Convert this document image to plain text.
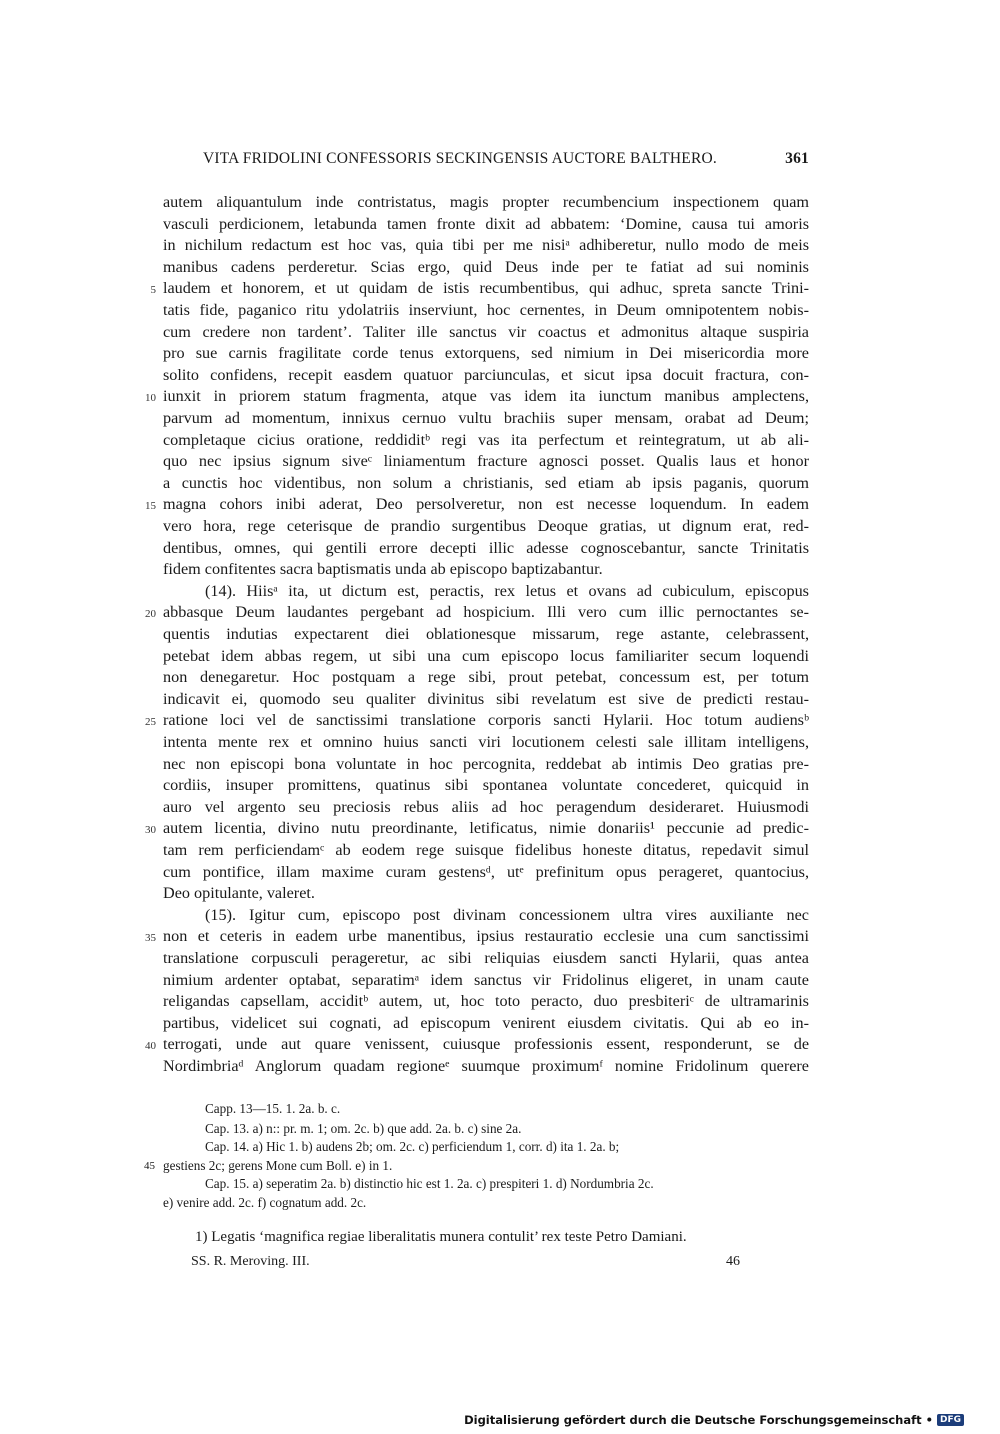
VITA FRIDOLINI CONFESSORIS SECKINGENSIS AUCTORE BALTHERO.	361
autem aliquantulum inde contristatus, magis propter recumbencium inspectionem quam
vasculi perdicionem, letabunda tamen fronte dixit ad abbatem: ‘Domine, causa tui amoris
in nichilum redactum est hoc vas, quia tibi per me nisiᵃ adhiberetur, nullo modo de meis
manibus cadens perderetur. Scias ergo, quid Deus inde per te fatiat ad sui nominis
laudem et honorem, et ut quidam de istis recumbentibus, qui adhuc, spreta sancte Trini-
5
tatis fide, paganico ritu ydolatriis inserviunt, hoc cernentes, in Deum omnipotentem nobis-
cum credere non tardent’. Taliter ille sanctus vir coactus et admonitus altaque suspiria
pro sue carnis fragilitate corde tenus extorquens, sed nimium in Dei misericordia more
solito confidens, recepit easdem quatuor parciunculas, et sicut ipsa docuit fractura, con-
iunxit in priorem statum fragmenta, atque vas idem ita iunctum manibus amplectens,
10
parvum ad momentum, innixus cernuo vultu brachiis super mensam, orabat ad Deum;
completaque cicius oratione, reddiditᵇ regi vas ita perfectum et reintegratum, ut ab ali-
quo nec ipsius signum siveᶜ liniamentum fracture agnosci posset. Qualis laus et honor
a cunctis hoc videntibus, non solum a christianis, sed etiam ab ipsis paganis, quorum
magna cohors inibi aderat, Deo persolveretur, non est necesse loquendum. In eadem
15
vero hora, rege ceterisque de prandio surgentibus Deoque gratias, ut dignum erat, red-
dentibus, omnes, qui gentili errore decepti illic adesse cognoscebantur, sancte Trinitatis
fidem confitentes sacra baptismatis unda ab episcopo baptizabantur.
(14). Hiisᵃ ita, ut dictum est, peractis, rex letus et ovans ad cubiculum, episcopus
abbasque Deum laudantes pergebant ad hospicium. Illi vero cum illic pernoctantes se-
20
quentis indutias expectarent diei oblationesque missarum, rege astante, celebrassent,
petebat idem abbas regem, ut sibi una cum episcopo locus familiariter secum loquendi
non denegaretur. Hoc postquam a rege sibi, prout petebat, concessum est, per totum
indicavit ei, quomodo seu qualiter divinitus sibi revelatum est sive de predicti restau-
ratione loci vel de sanctissimi translatione corporis sancti Hylarii. Hoc totum audiensᵇ
25
intenta mente rex et omnino huius sancti viri locutionem celesti sale illitam intelligens,
nec non episcopi bona voluntate in hoc percognita, reddebat ab intimis Deo gratias pre-
cordiis, insuper promittens, quatinus sibi spontanea voluntate concederet, quicquid in
auro vel argento seu preciosis rebus aliis ad hoc peragendum desideraret. Huiusmodi
autem licentia, divino nutu preordinante, letificatus, nimie donariis¹ peccunie ad predic-
30
tam rem perficiendamᶜ ab eodem rege suisque fidelibus honeste ditatus, repedavit simul
cum pontifice, illam maxime curam gestensᵈ, utᵉ prefinitum opus perageret, quantocius,
Deo opitulante, valeret.
(15). Igitur cum, episcopo post divinam concessionem ultra vires auxiliante nec
non et ceteris in eadem urbe manentibus, ipsius restauratio ecclesie una cum sanctissimi
35
translatione corpusculi perageretur, ac sibi reliquias eiusdem sancti Hylarii, quas antea
nimium ardenter optabat, separatimᵃ idem sanctus vir Fridolinus eligeret, in unam caute
religandas capsellam, acciditᵇ autem, ut, hoc toto peracto, duo presbiteriᶜ de ultramarinis
partibus, videlicet sui cognati, ad episcopum venirent eiusdem civitatis. Qui ab eo in-
terrogati, unde aut quare venissent, cuiusque professionis essent, responderunt, se de
40
Nordimbriaᵈ Anglorum quadam regioneᵉ suumque proximumᶠ nomine Fridolinum querere
Capp. 13—15. 1. 2a. b. c.
Cap. 13. a) n:: pr. m. 1; om. 2c. b) que add. 2a. b. c) sine 2a.
Cap. 14. a) Hic 1. b) audens 2b; om. 2c. c) perficiendum 1, corr. d) ita 1. 2a. b;
45 gestiens 2c; gerens Mone cum Boll. e) in 1.
Cap. 15. a) seperatim 2a. b) distinctio hic est 1. 2a. c) prespiteri 1. d) Nordumbria 2c.
e) venire add. 2c. f) cognatum add. 2c.
1) Legatis ‘magnifica regiae liberalitatis munera contulit’ rex teste Petro Damiani.
SS. R. Meroving. III.	46
Digitalisierung gefördert durch die Deutsche Forschungsgemeinschaft • DFG
